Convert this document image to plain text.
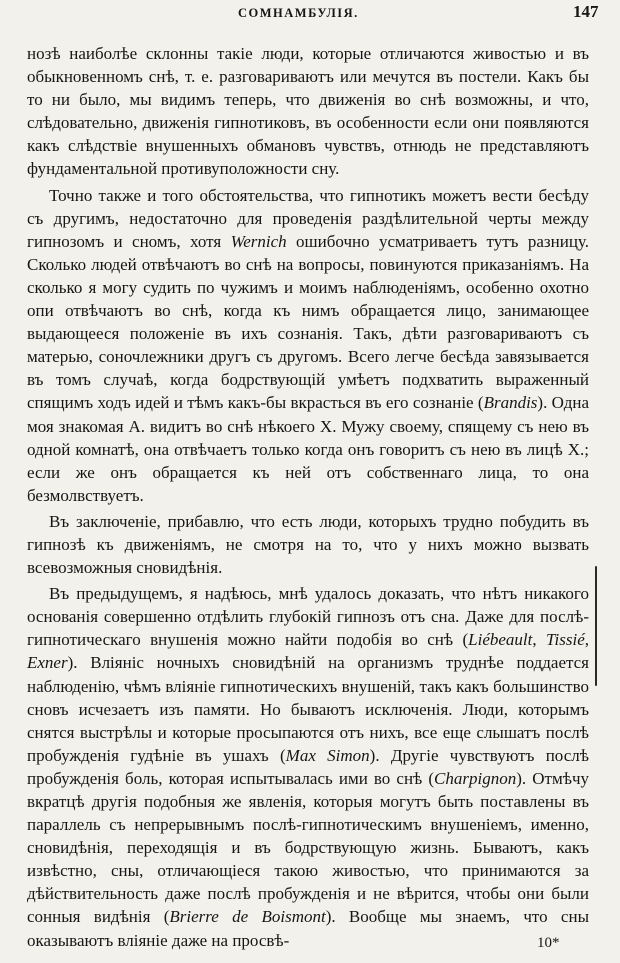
СОМНАМБУЛІЯ.	147

нозѣ наиболѣе склонны такіе люди, которые отличаются живостью и въ обыкновенномъ снѣ, т. е. разговариваютъ или мечутся въ постели. Какъ бы то ни было, мы видимъ теперь, что движенія во снѣ возможны, и что, слѣдовательно, движенія гипнотиковъ, въ особенности если они появляются какъ слѣдствіе внушенныхъ обмановъ чувствъ, отнюдь не представляютъ фундаментальной противуположности сну.

Точно также и того обстоятельства, что гипнотикъ можетъ вести бесѣду съ другимъ, недостаточно для проведенія раздѣлительной черты между гипнозомъ и сномъ, хотя Wernich ошибочно усматриваетъ тутъ разницу. Сколько людей отвѣчаютъ во снѣ на вопросы, повинуются приказаніямъ. На сколько я могу судить по чужимъ и моимъ наблюденіямъ, особенно охотно опи отвѣчаютъ во снѣ, когда къ нимъ обращается лицо, занимающее выдающееся положеніе въ ихъ сознанія. Такъ, дѣти разговариваютъ съ матерью, соночлежники другъ съ другомъ. Всего легче бесѣда завязывается въ томъ случаѣ, когда бодрствующій умѣетъ подхватить выраженный спящимъ ходъ идей и тѣмъ какъ-бы вкрасться въ его сознаніе (Brandis). Одна моя знакомая А. видитъ во снѣ нѣкоего X. Мужу своему, спящему съ нею въ одной комнатѣ, она отвѣчаетъ только когда онъ говоритъ съ нею въ лицѣ X.; если же онъ обращается къ ней отъ собственнаго лица, то она безмолвствуетъ.

Въ заключеніе, прибавлю, что есть люди, которыхъ трудно побудить въ гипнозѣ къ движеніямъ, не смотря на то, что у нихъ можно вызвать всевозможныя сновидѣнія.

Въ предыдущемъ, я надѣюсь, мнѣ удалось доказать, что нѣтъ никакого основанія совершенно отдѣлить глубокій гипнозъ отъ сна. Даже для послѣ-гипнотическаго внушенія можно найти подобія во снѣ (Liébeault, Tissié, Exner). Вліяніс ночныхъ сновидѣній на организмъ труднѣе поддается наблюденію, чѣмъ вліяніе гипнотическихъ внушеній, такъ какъ большинство сновъ исчезаетъ изъ памяти. Но бываютъ исключенія. Люди, которымъ снятся выстрѣлы и которые просыпаются отъ нихъ, все еще слышатъ послѣ пробужденія гудѣніе въ ушахъ (Max Simon). Другіе чувствуютъ послѣ пробужденія боль, которая испытывалась ими во снѣ (Charpignon). Отмѣчу вкратцѣ другія подобныя же явленія, которыя могутъ быть поставлены въ параллель съ непрерывнымъ послѣ-гипнотическимъ внушеніемъ, именно, сновидѣнія, переходящія и въ бодрствующую жизнь. Бываютъ, какъ извѣстно, сны, отличающіеся такою живостью, что принимаются за дѣйствительность даже послѣ пробужденія и не вѣрится, чтобы они были сонныя видѣнія (Brierre de Boismont). Вообще мы знаемъ, что сны оказываютъ вліяніе даже на просвѣ-	10*
